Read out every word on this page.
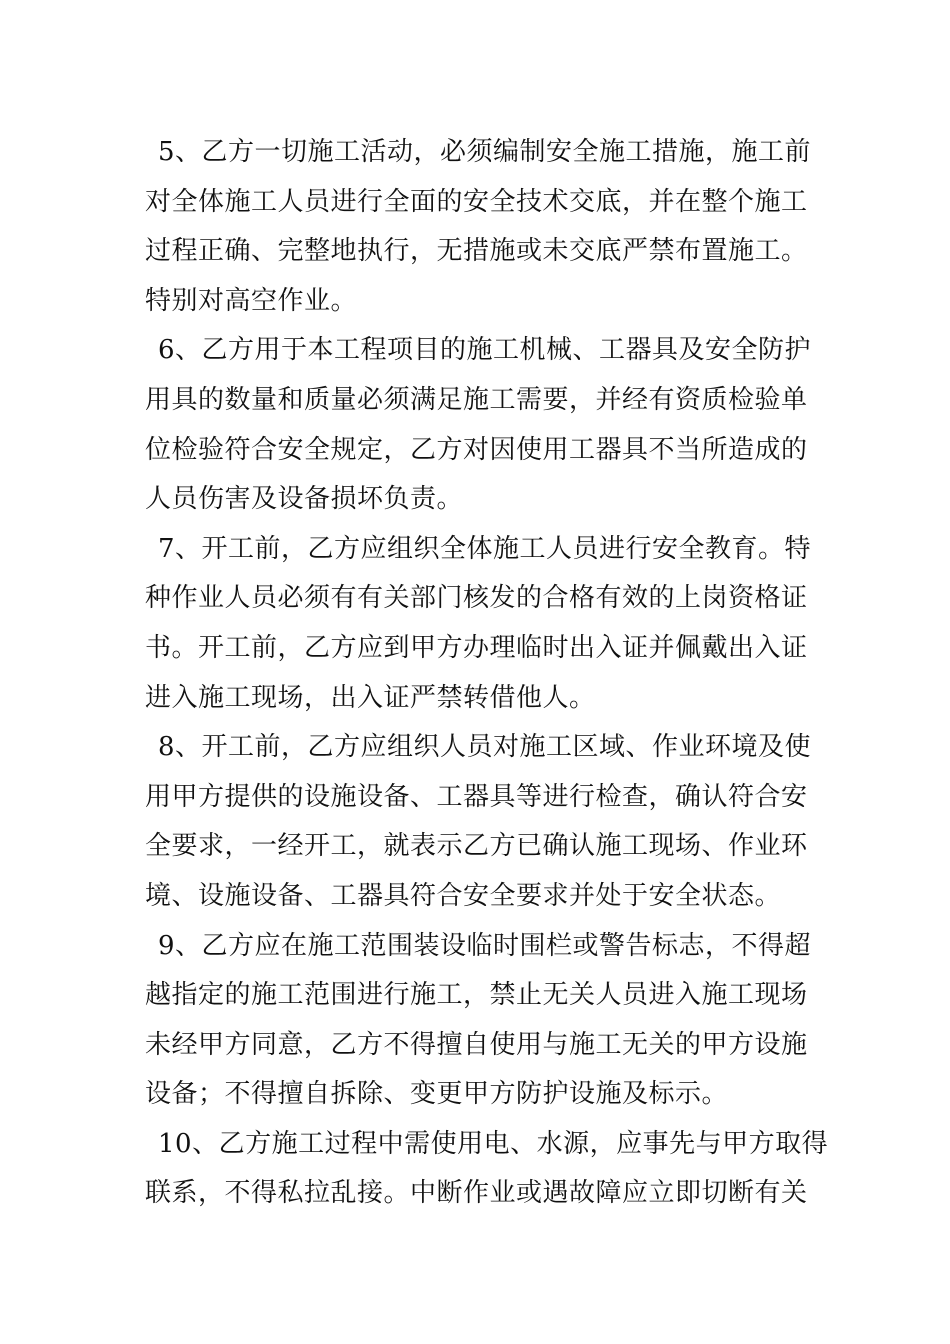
5、乙方一切施工活动，必须编制安全施工措施，施工前
对全体施工人员进行全面的安全技术交底，并在整个施工
过程正确、完整地执行，无措施或未交底严禁布置施工。
特别对高空作业。
6、乙方用于本工程项目的施工机械、工器具及安全防护
用具的数量和质量必须满足施工需要，并经有资质检验单
位检验符合安全规定，乙方对因使用工器具不当所造成的
人员伤害及设备损坏负责。
7、开工前，乙方应组织全体施工人员进行安全教育。特
种作业人员必须有有关部门核发的合格有效的上岗资格证
书。开工前，乙方应到甲方办理临时出入证并佩戴出入证
进入施工现场，出入证严禁转借他人。
8、开工前，乙方应组织人员对施工区域、作业环境及使
用甲方提供的设施设备、工器具等进行检查，确认符合安
全要求，一经开工，就表示乙方已确认施工现场、作业环
境、设施设备、工器具符合安全要求并处于安全状态。
9、乙方应在施工范围装设临时围栏或警告标志，不得超
越指定的施工范围进行施工，禁止无关人员进入施工现场
未经甲方同意，乙方不得擅自使用与施工无关的甲方设施
设备；不得擅自拆除、变更甲方防护设施及标示。
10、乙方施工过程中需使用电、水源，应事先与甲方取得
联系，不得私拉乱接。中断作业或遇故障应立即切断有关
